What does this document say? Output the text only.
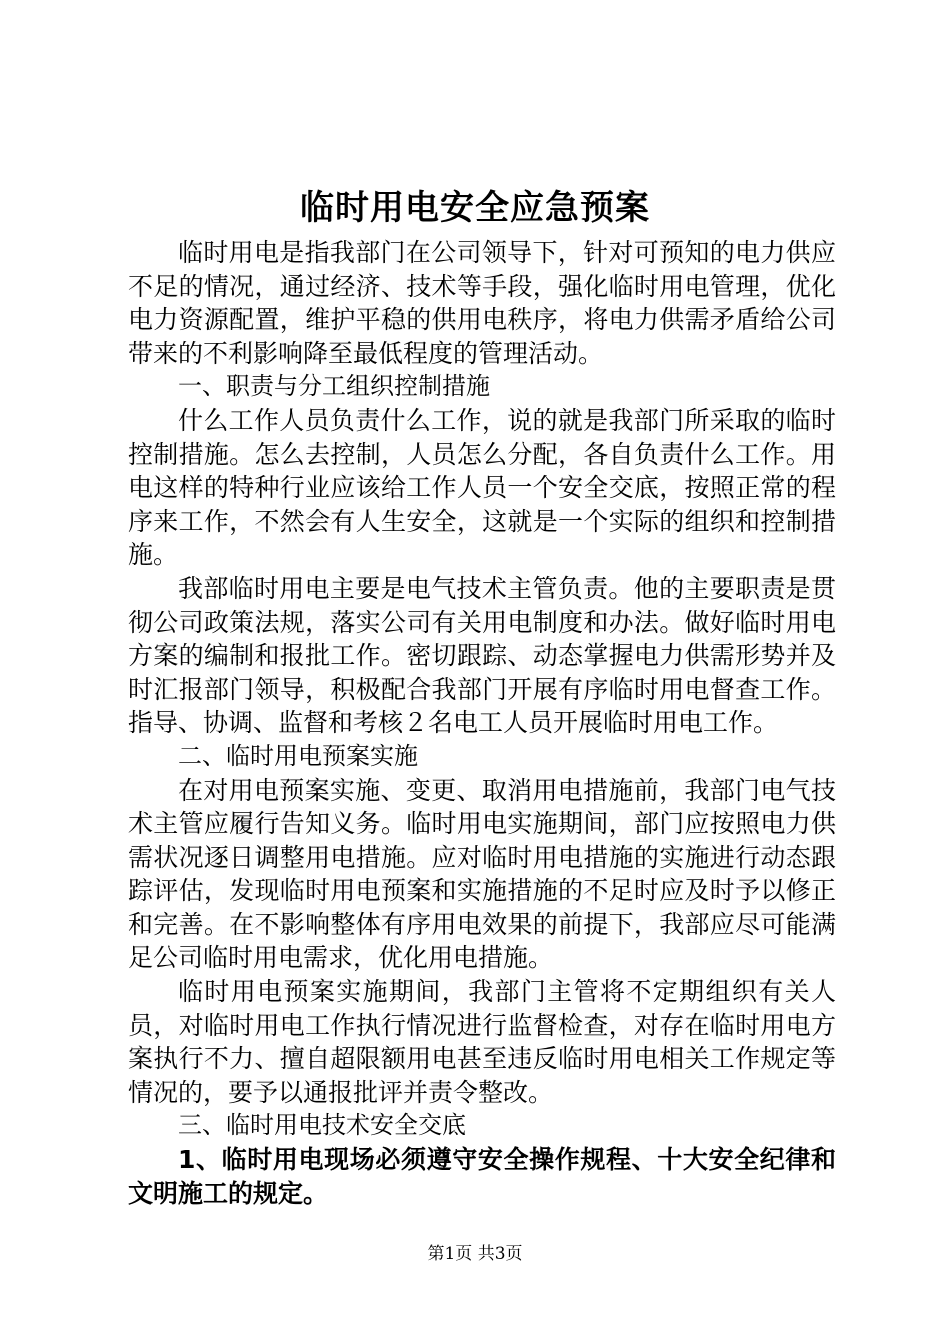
临时用电安全应急预案

临时用电是指我部门在公司领导下，针对可预知的电力供应不足的情况，通过经济、技术等手段，强化临时用电管理，优化电力资源配置，维护平稳的供用电秩序，将电力供需矛盾给公司带来的不利影响降至最低程度的管理活动。

一、职责与分工组织控制措施

什么工作人员负责什么工作，说的就是我部门所采取的临时控制措施。怎么去控制，人员怎么分配，各自负责什么工作。用电这样的特种行业应该给工作人员一个安全交底，按照正常的程序来工作，不然会有人生安全，这就是一个实际的组织和控制措施。

我部临时用电主要是电气技术主管负责。他的主要职责是贯彻公司政策法规，落实公司有关用电制度和办法。做好临时用电方案的编制和报批工作。密切跟踪、动态掌握电力供需形势并及时汇报部门领导，积极配合我部门开展有序临时用电督查工作。指导、协调、监督和考核２名电工人员开展临时用电工作。

二、临时用电预案实施

在对用电预案实施、变更、取消用电措施前，我部门电气技术主管应履行告知义务。临时用电实施期间，部门应按照电力供需状况逐日调整用电措施。应对临时用电措施的实施进行动态跟踪评估，发现临时用电预案和实施措施的不足时应及时予以修正和完善。在不影响整体有序用电效果的前提下，我部应尽可能满足公司临时用电需求，优化用电措施。

临时用电预案实施期间，我部门主管将不定期组织有关人员，对临时用电工作执行情况进行监督检查，对存在临时用电方案执行不力、擅自超限额用电甚至违反临时用电相关工作规定等情况的，要予以通报批评并责令整改。

三、临时用电技术安全交底

1、临时用电现场必须遵守安全操作规程、十大安全纪律和文明施工的规定。

第1页 共3页
